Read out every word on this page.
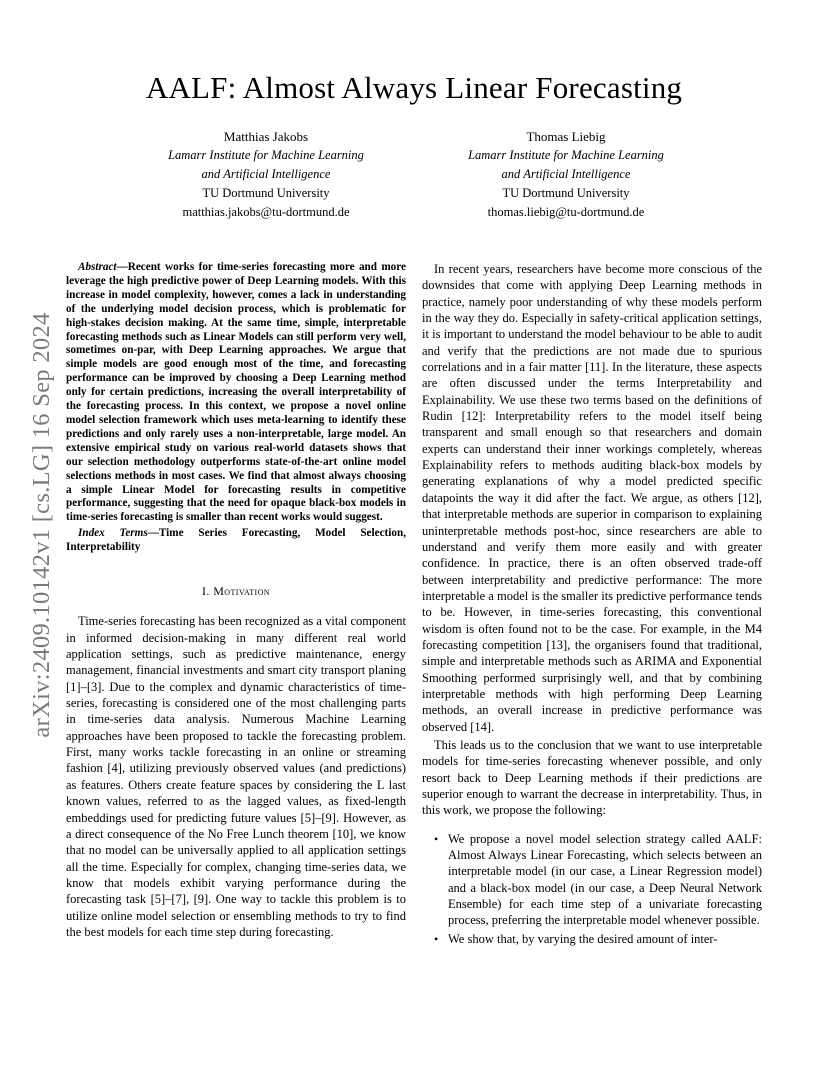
AALF: Almost Always Linear Forecasting
Matthias Jakobs
Lamarr Institute for Machine Learning
and Artificial Intelligence
TU Dortmund University
matthias.jakobs@tu-dortmund.de
Thomas Liebig
Lamarr Institute for Machine Learning
and Artificial Intelligence
TU Dortmund University
thomas.liebig@tu-dortmund.de
arXiv:2409.10142v1 [cs.LG] 16 Sep 2024

Abstract—Recent works for time-series forecasting more and more leverage the high predictive power of Deep Learning models. With this increase in model complexity, however, comes a lack in understanding of the underlying model decision process, which is problematic for high-stakes decision making. At the same time, simple, interpretable forecasting methods such as Linear Models can still perform very well, sometimes on-par, with Deep Learning approaches. We argue that simple models are good enough most of the time, and forecasting performance can be improved by choosing a Deep Learning method only for certain predictions, increasing the overall interpretability of the forecasting process. In this context, we propose a novel online model selection framework which uses meta-learning to identify these predictions and only rarely uses a non-interpretable, large model. An extensive empirical study on various real-world datasets shows that our selection methodology outperforms state-of-the-art online model selections methods in most cases. We find that almost always choosing a simple Linear Model for forecasting results in competitive performance, suggesting that the need for opaque black-box models in time-series forecasting is smaller than recent works would suggest.

Index Terms—Time Series Forecasting, Model Selection, Interpretability

I. Motivation

Time-series forecasting has been recognized as a vital component in informed decision-making in many different real world application settings, such as predictive maintenance, energy management, financial investments and smart city transport planing [1]–[3]. Due to the complex and dynamic characteristics of time-series, forecasting is considered one of the most challenging parts in time-series data analysis. Numerous Machine Learning approaches have been proposed to tackle the forecasting problem. First, many works tackle forecasting in an online or streaming fashion [4], utilizing previously observed values (and predictions) as features. Others create feature spaces by considering the L last known values, referred to as the lagged values, as fixed-length embeddings used for predicting future values [5]–[9]. However, as a direct consequence of the No Free Lunch theorem [10], we know that no model can be universally applied to all application settings all the time. Especially for complex, changing time-series data, we know that models exhibit varying performance during the forecasting task [5]–[7], [9]. One way to tackle this problem is to utilize online model selection or ensembling methods to try to find the best models for each time step during forecasting.

In recent years, researchers have become more conscious of the downsides that come with applying Deep Learning methods in practice, namely poor understanding of why these models perform in the way they do. Especially in safety-critical application settings, it is important to understand the model behaviour to be able to audit and verify that the predictions are not made due to spurious correlations and in a fair matter [11]. In the literature, these aspects are often discussed under the terms Interpretability and Explainability. We use these two terms based on the definitions of Rudin [12]: Interpretability refers to the model itself being transparent and small enough so that researchers and domain experts can understand their inner workings completely, whereas Explainability refers to methods auditing black-box models by generating explanations of why a model predicted specific datapoints the way it did after the fact. We argue, as others [12], that interpretable methods are superior in comparison to explaining uninterpretable methods post-hoc, since researchers are able to understand and verify them more easily and with greater confidence. In practice, there is an often observed trade-off between interpretability and predictive performance: The more interpretable a model is the smaller its predictive performance tends to be. However, in time-series forecasting, this conventional wisdom is often found not to be the case. For example, in the M4 forecasting competition [13], the organisers found that traditional, simple and interpretable methods such as ARIMA and Exponential Smoothing performed surprisingly well, and that by combining interpretable methods with high performing Deep Learning methods, an overall increase in predictive performance was observed [14].

This leads us to the conclusion that we want to use interpretable models for time-series forecasting whenever possible, and only resort back to Deep Learning methods if their predictions are superior enough to warrant the decrease in interpretability. Thus, in this work, we propose the following:

• We propose a novel model selection strategy called AALF: Almost Always Linear Forecasting, which selects between an interpretable model (in our case, a Linear Regression model) and a black-box model (in our case, a Deep Neural Network Ensemble) for each time step of a univariate forecasting process, preferring the interpretable model whenever possible.
• We show that, by varying the desired amount of inter-
